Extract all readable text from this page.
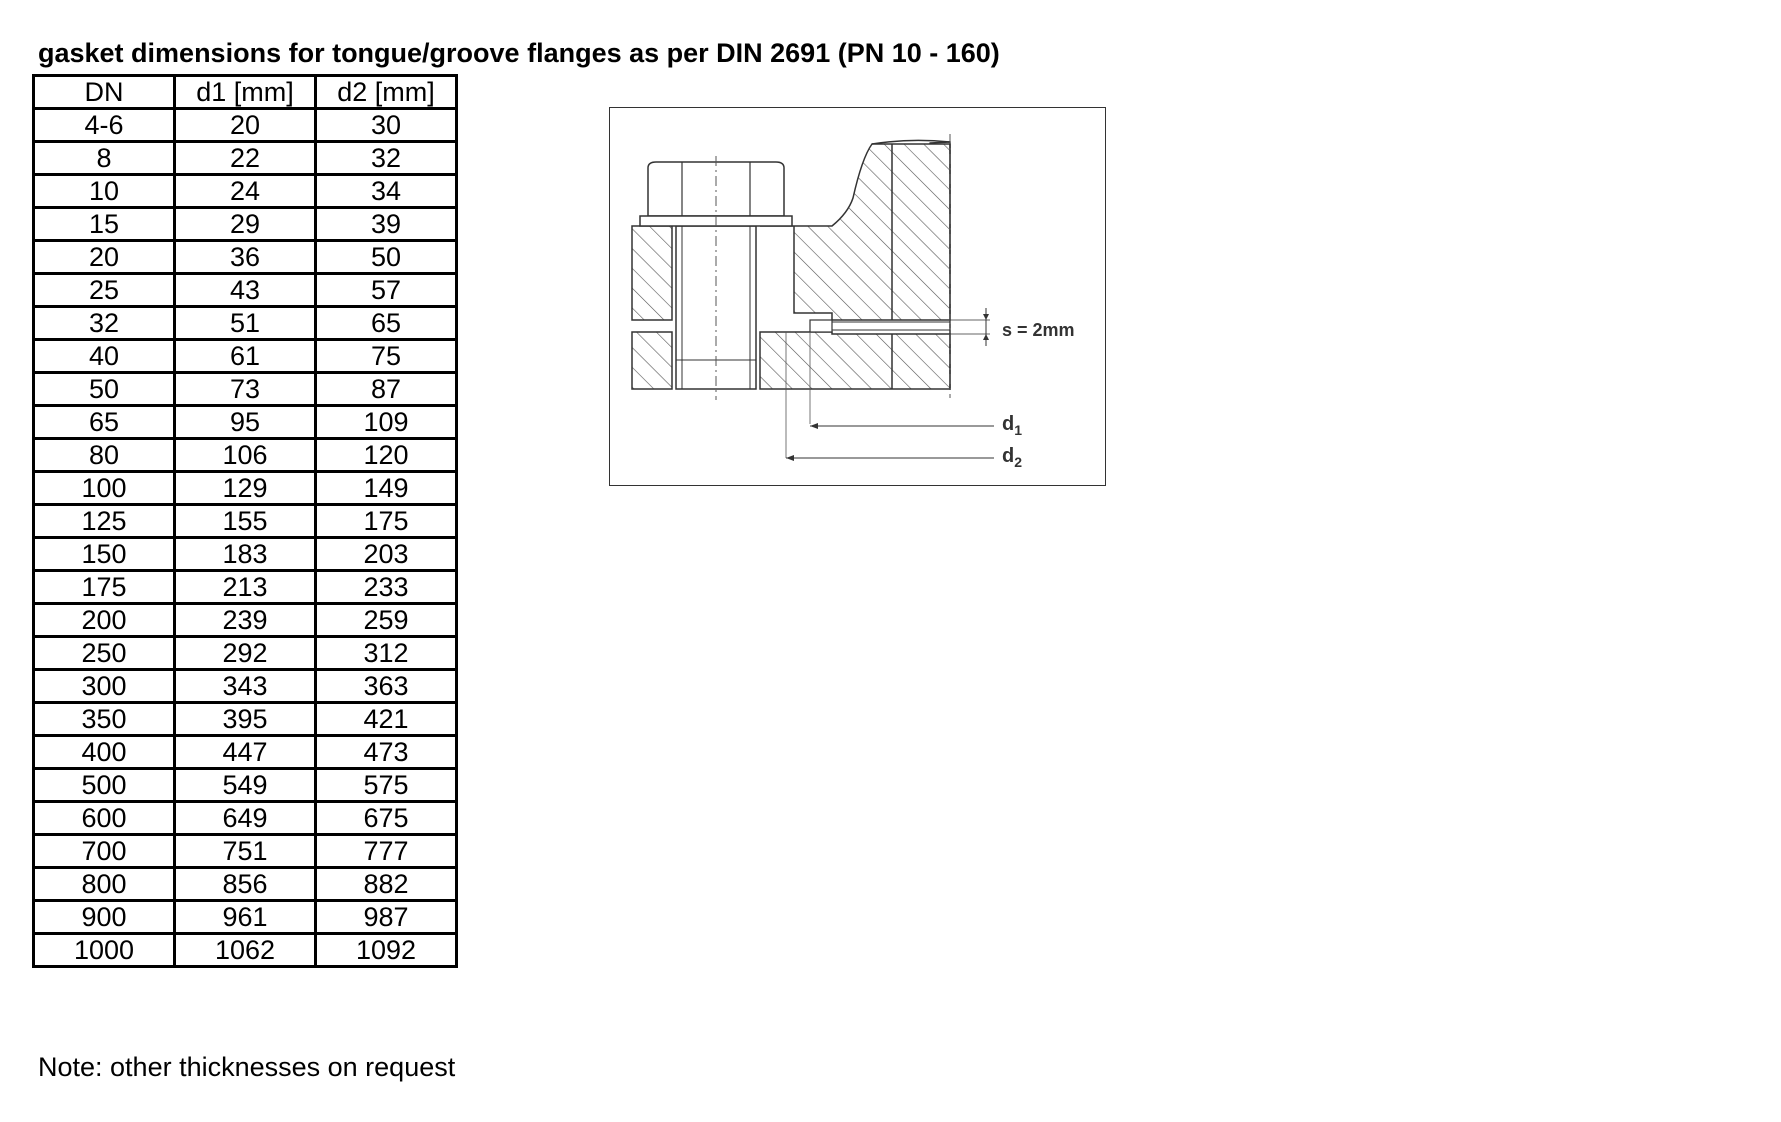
gasket dimensions for tongue/groove flanges as per DIN 2691 (PN 10 - 160)
DN	d1 [mm]	d2 [mm]
4-6	20	30
8	22	32
10	24	34
15	29	39
20	36	50
25	43	57
32	51	65
40	61	75
50	73	87
65	95	109
80	106	120
100	129	149
125	155	175
150	183	203
175	213	233
200	239	259
250	292	312
300	343	363
350	395	421
400	447	473
500	549	575
600	649	675
700	751	777
800	856	882
900	961	987
1000	1062	1092
Note: other thicknesses on request
s = 2mm
$d_1$
$d_2$
